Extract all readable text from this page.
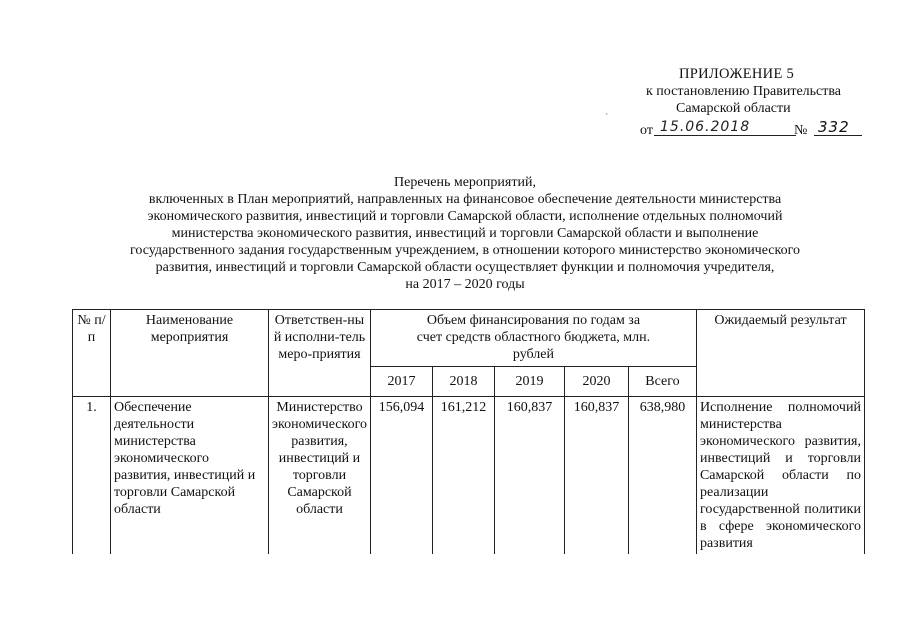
ПРИЛОЖЕНИЕ 5
к постановлению Правительства
Самарской области
от 15.06.2018	№ 332
ˋ
Перечень мероприятий,
включенных в План мероприятий, направленных на финансовое обеспечение деятельности министерства
экономического развития, инвестиций и торговли Самарской области, исполнение отдельных полномочий
министерства экономического развития, инвестиций и торговли Самарской области и выполнение
государственного задания государственным учреждением, в отношении которого министерство экономического
развития, инвестиций и торговли Самарской области осуществляет функции и полномочия учредителя,
на 2017 – 2020 годы
№ п/п	Наименование мероприятия	Ответствен-ный исполни-тель меро-приятия	Объем финансирования по годам за счет средств областного бюджета, млн. рублей					Ожидаемый результат
			2017	2018	2019	2020	Всего	
1.	Обеспечение деятельности министерства экономического развития, инвестиций и торговли Самарской области	Министерство экономического развития, инвестиций и торговли Самарской области	156,094	161,212	160,837	160,837	638,980	Исполнение полномочий министерства экономического развития, инвестиций и торговли Самарской области по реализации государственной политики в сфере экономического развития
